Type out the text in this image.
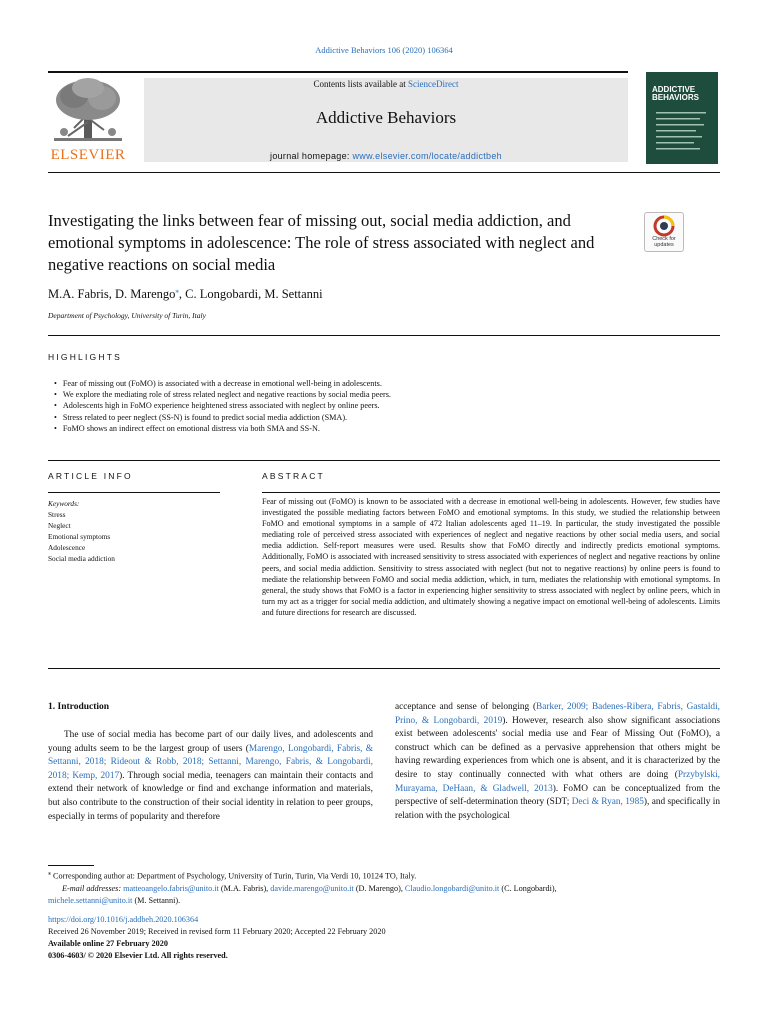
Addictive Behaviors 106 (2020) 106364
ELSEVIER
Contents lists available at ScienceDirect
Addictive Behaviors
journal homepage: www.elsevier.com/locate/addictbeh
ADDICTIVE
BEHAVIORS
Investigating the links between fear of missing out, social media addiction, and emotional symptoms in adolescence: The role of stress associated with neglect and negative reactions on social media
Check for updates
M.A. Fabris, D. Marengo⁎, C. Longobardi, M. Settanni
Department of Psychology, University of Turin, Italy
HIGHLIGHTS
• Fear of missing out (FoMO) is associated with a decrease in emotional well-being in adolescents.
• We explore the mediating role of stress related neglect and negative reactions by social media peers.
• Adolescents high in FoMO experience heightened stress associated with neglect by online peers.
• Stress related to peer neglect (SS-N) is found to predict social media addiction (SMA).
• FoMO shows an indirect effect on emotional distress via both SMA and SS-N.
ARTICLE INFO	ABSTRACT
Keywords:
Stress
Neglect
Emotional symptoms
Adolescence
Social media addiction
Fear of missing out (FoMO) is known to be associated with a decrease in emotional well-being in adolescents. However, few studies have investigated the possible mediating factors between FoMO and emotional symptoms. In this study, we studied the relationship between FoMO and emotional symptoms in a sample of 472 Italian adolescents aged 11–19. In particular, the study investigated the possible mediating role of perceived stress associated with experiences of neglect and negative reactions by other social media users, and social media addiction. Self-report measures were used. Results show that FoMO directly and indirectly predicts emotional symptoms. Additionally, FoMO is associated with increased sensitivity to stress associated with experiences of neglect and negative reactions by online peers, and social media addiction. Sensitivity to stress associated with neglect (but not to negative reactions) by online peers is found to mediate the relationship between FoMO and social media addiction, which, in turn, mediates the relationship with emotional symptoms. In general, the study shows that FoMO is a factor in experiencing higher sensitivity to stress associated with neglect by online peers, which in turn my act as a trigger for social media addiction, and ultimately showing a negative impact on emotional well-being of adolescents. Limits and future directions for research are discussed.
1. Introduction

The use of social media has become part of our daily lives, and adolescents and young adults seem to be the largest group of users (Marengo, Longobardi, Fabris, & Settanni, 2018; Rideout & Robb, 2018; Settanni, Marengo, Fabris, & Longobardi, 2018; Kemp, 2017). Through social media, teenagers can maintain their contacts and extend their network of knowledge or find and exchange information and materials, but also contribute to the construction of their social identity in relation to peer groups, especially in terms of popularity and therefore

acceptance and sense of belonging (Barker, 2009; Badenes-Ribera, Fabris, Gastaldi, Prino, & Longobardi, 2019). However, research also show significant associations exist between adolescents' social media use and Fear of Missing Out (FoMO), a construct which can be defined as a pervasive apprehension that others might be having rewarding experiences from which one is absent, and it is characterized by the desire to stay continually connected with what others are doing (Przybylski, Murayama, DeHaan, & Gladwell, 2013). FoMO can be conceptualized from the perspective of self-determination theory (SDT; Deci & Ryan, 1985), and specifically in relation with the psychological

⁎ Corresponding author at: Department of Psychology, University of Turin, Turin, Via Verdi 10, 10124 TO, Italy.
E-mail addresses: matteoangelo.fabris@unito.it (M.A. Fabris), davide.marengo@unito.it (D. Marengo), Claudio.longobardi@unito.it (C. Longobardi),
michele.settanni@unito.it (M. Settanni).
https://doi.org/10.1016/j.addbeh.2020.106364
Received 26 November 2019; Received in revised form 11 February 2020; Accepted 22 February 2020
Available online 27 February 2020
0306-4603/ © 2020 Elsevier Ltd. All rights reserved.
